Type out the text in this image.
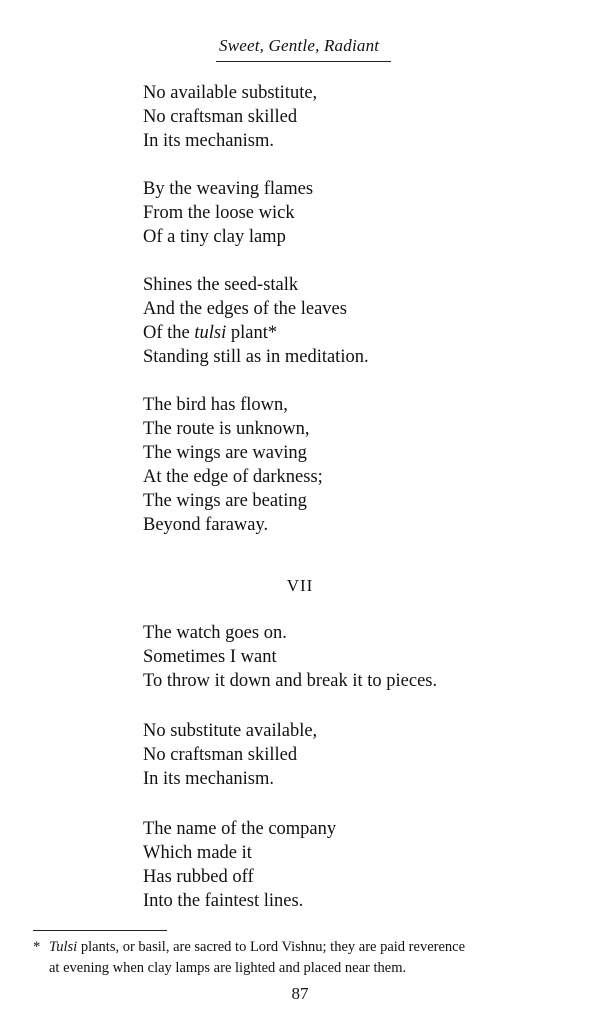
Sweet, Gentle, Radiant
No available substitute,
No craftsman skilled
In its mechanism.
By the weaving flames
From the loose wick
Of a tiny clay lamp
Shines the seed-stalk
And the edges of the leaves
Of the tulsi plant*
Standing still as in meditation.
The bird has flown,
The route is unknown,
The wings are waving
At the edge of darkness;
The wings are beating
Beyond faraway.
VII
The watch goes on.
Sometimes I want
To throw it down and break it to pieces.
No substitute available,
No craftsman skilled
In its mechanism.
The name of the company
Which made it
Has rubbed off
Into the faintest lines.
* Tulsi plants, or basil, are sacred to Lord Vishnu; they are paid reverence
at evening when clay lamps are lighted and placed near them.
87
